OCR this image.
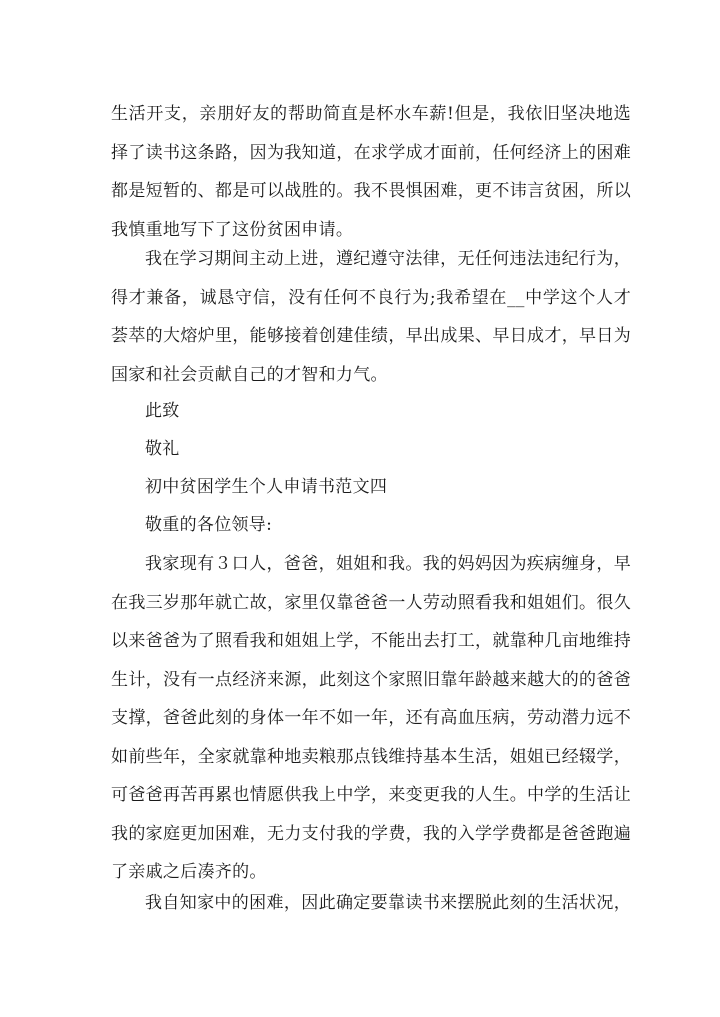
生活开支，亲朋好友的帮助简直是杯水车薪!但是，我依旧坚决地选
择了读书这条路，因为我知道，在求学成才面前，任何经济上的困难
都是短暂的、都是可以战胜的。我不畏惧困难，更不讳言贫困，所以
我慎重地写下了这份贫困申请。
我在学习期间主动上进，遵纪遵守法律，无任何违法违纪行为，
得才兼备，诚恳守信，没有任何不良行为;我希望在__中学这个人才
荟萃的大熔炉里，能够接着创建佳绩，早出成果、早日成才，早日为
国家和社会贡献自己的才智和力气。

此致

敬礼

初中贫困学生个人申请书范文四

敬重的各位领导:

我家现有３口人，爸爸，姐姐和我。我的妈妈因为疾病缠身，早
在我三岁那年就亡故，家里仅靠爸爸一人劳动照看我和姐姐们。很久
以来爸爸为了照看我和姐姐上学，不能出去打工，就靠种几亩地维持
生计，没有一点经济来源，此刻这个家照旧靠年龄越来越大的的爸爸
支撑，爸爸此刻的身体一年不如一年，还有高血压病，劳动潜力远不
如前些年，全家就靠种地卖粮那点钱维持基本生活，姐姐已经辍学，
可爸爸再苦再累也情愿供我上中学，来变更我的人生。中学的生活让
我的家庭更加困难，无力支付我的学费，我的入学学费都是爸爸跑遍
了亲戚之后凑齐的。
我自知家中的困难，因此确定要靠读书来摆脱此刻的生活状况，
